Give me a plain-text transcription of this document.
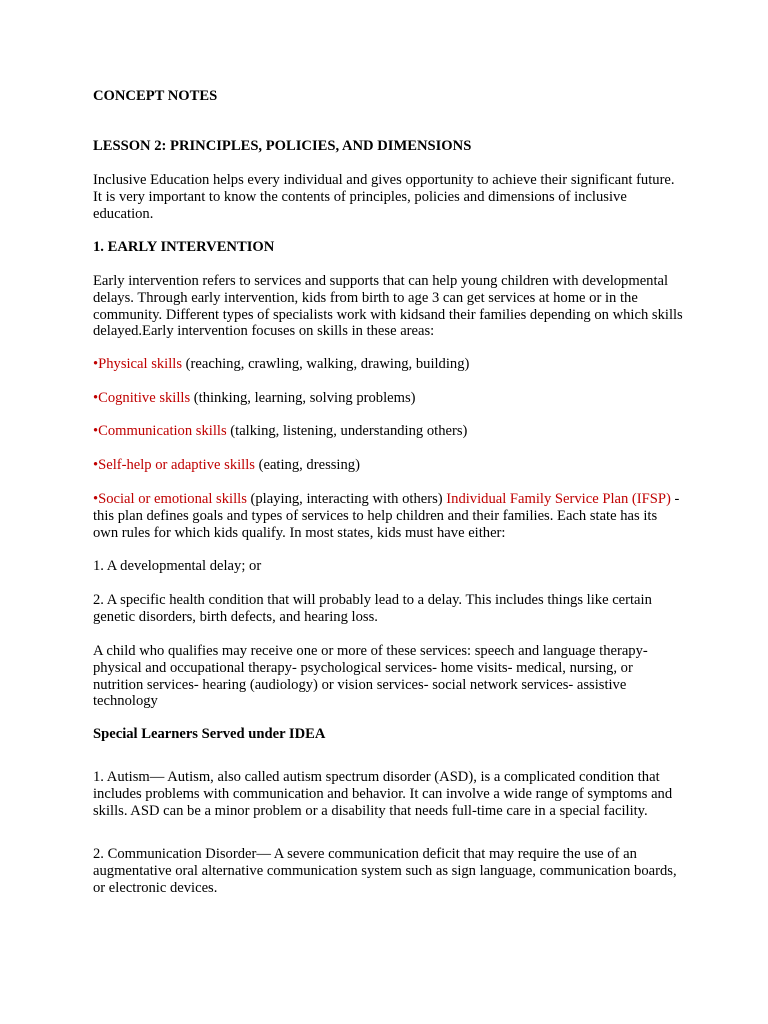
CONCEPT NOTES

LESSON 2: PRINCIPLES, POLICIES, AND DIMENSIONS

Inclusive Education helps every individual and gives opportunity to achieve their significant future. It is very important to know the contents of principles, policies and dimensions of inclusive education.

1. EARLY INTERVENTION

Early intervention refers to services and supports that can help young children with developmental delays. Through early intervention, kids from birth to age 3 can get services at home or in the community. Different types of specialists work with kidsand their families depending on which skills delayed.Early intervention focuses on skills in these areas:

•Physical skills (reaching, crawling, walking, drawing, building)

•Cognitive skills (thinking, learning, solving problems)

•Communication skills (talking, listening, understanding others)

•Self-help or adaptive skills (eating, dressing)

•Social or emotional skills (playing, interacting with others) Individual Family Service Plan (IFSP) - this plan defines goals and types of services to help children and their families. Each state has its own rules for which kids qualify. In most states, kids must have either:

1. A developmental delay; or

2. A specific health condition that will probably lead to a delay. This includes things like certain genetic disorders, birth defects, and hearing loss.

A child who qualifies may receive one or more of these services: speech and language therapy- physical and occupational therapy- psychological services- home visits- medical, nursing, or nutrition services- hearing (audiology) or vision services- social network services- assistive technology

Special Learners Served under IDEA

1. Autism— Autism, also called autism spectrum disorder (ASD), is a complicated condition that includes problems with communication and behavior. It can involve a wide range of symptoms and skills. ASD can be a minor problem or a disability that needs full-time care in a special facility.

2. Communication Disorder— A severe communication deficit that may require the use of an augmentative oral alternative communication system such as sign language, communication boards, or electronic devices.
